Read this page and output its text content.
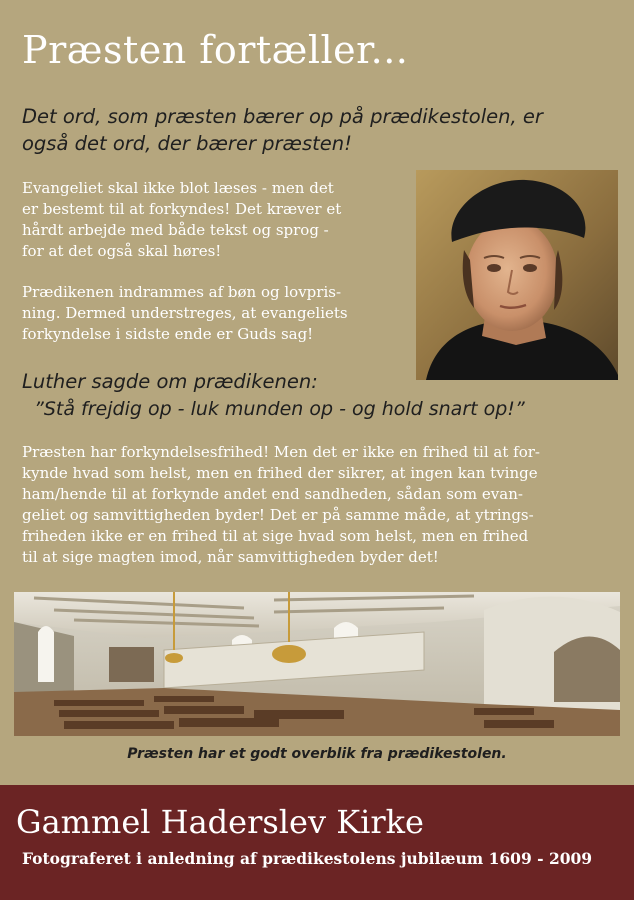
Præsten fortæller...
Det ord, som præsten bærer op på prædikestolen, er
også det ord, der bærer præsten!
Evangeliet skal ikke blot læses - men det
er bestemt til at forkyndes! Det kræver et
hårdt arbejde med både tekst og sprog -
for at det også skal høres!
Prædikenen indrammes af bøn og lovpris-
ning. Dermed understreges, at evangeliets
forkyndelse i sidste ende er Guds sag!
Luther sagde om prædikenen:
”Stå frejdig op - luk munden op - og hold snart op!”
Præsten har forkyndelsesfrihed! Men det er ikke en frihed til at for-
kynde hvad som helst, men en frihed der sikrer, at ingen kan tvinge
ham/hende til at forkynde andet end sandheden, sådan som evan-
geliet og samvittigheden byder! Det er på samme måde, at ytrings-
friheden ikke er en frihed til at sige hvad som helst, men en frihed
til at sige magten imod, når samvittigheden byder det!
Præsten har et godt overblik fra prædikestolen.
Gammel Haderslev Kirke
Fotograferet i anledning af prædikestolens jubilæum 1609 - 2009
